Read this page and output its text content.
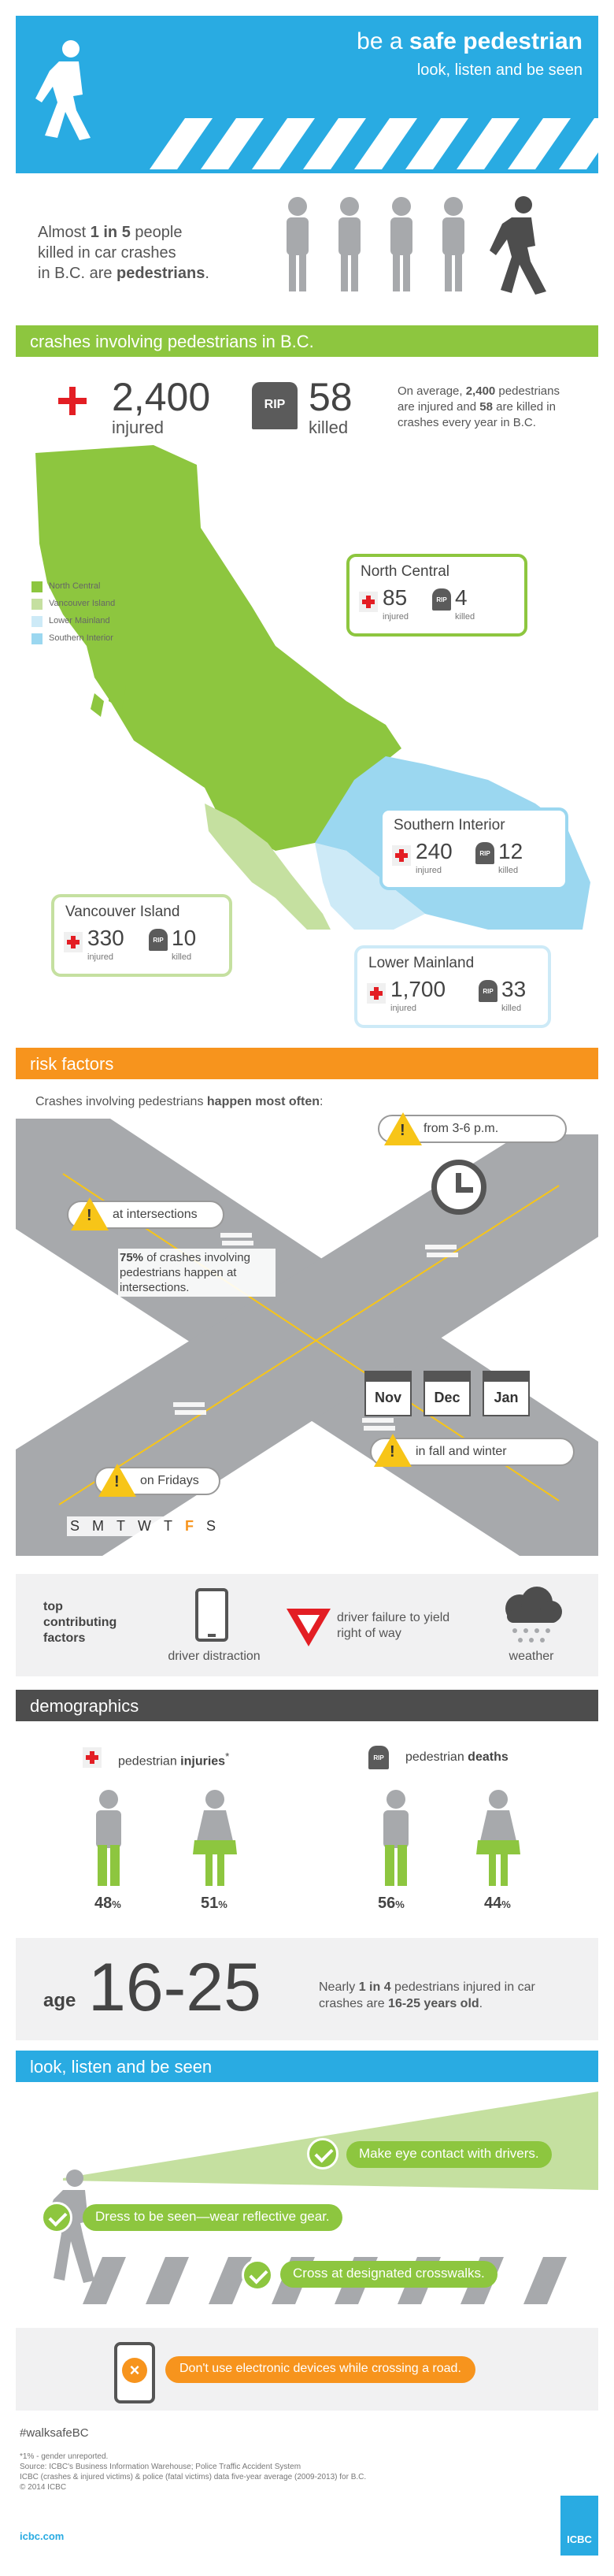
be a safe pedestrian
look, listen and be seen
Almost 1 in 5 people
killed in car crashes
in B.C. are pedestrians.
crashes involving pedestrians in B.C.
2,400
injured
RIP 58
killed
On average, 2,400 pedestrians are injured and 58 are killed in crashes every year in B.C.
North Central
Vancouver Island
Lower Mainland
Southern Interior
North Central
85
injured
RIP 4
killed
Southern Interior
240
injured
RIP 12
killed
Vancouver Island
330
injured
RIP 10
killed	Lower Mainland
1,700
injured
RIP 33
killed
risk factors
Crashes involving pedestrians happen most often:
from 3-6 p.m.
!
at intersections
!
75% of crashes involving pedestrians happen at intersections.
Nov	Dec	Jan
in fall and winter
!
on Fridays
!
S M T W T F S
top contributing factors
driver distraction
driver failure to yield right of way
weather
demographics
pedestrian injuries*	RIP	pedestrian deaths
48%	51%	56%	44%
age 16-25	Nearly 1 in 4 pedestrians injured in car crashes are 16-25 years old.
look, listen and be seen
Make eye contact with drivers.
Dress to be seen—wear reflective gear.
Cross at designated crosswalks.
×	Don't use electronic devices while crossing a road.
#walksafeBC
*1% - gender unreported.
Source: ICBC's Business Information Warehouse; Police Traffic Accident System
ICBC (crashes & injured victims) & police (fatal victims) data five-year average (2009-2013) for B.C.
© 2014 ICBC
icbc.com	ICBC
